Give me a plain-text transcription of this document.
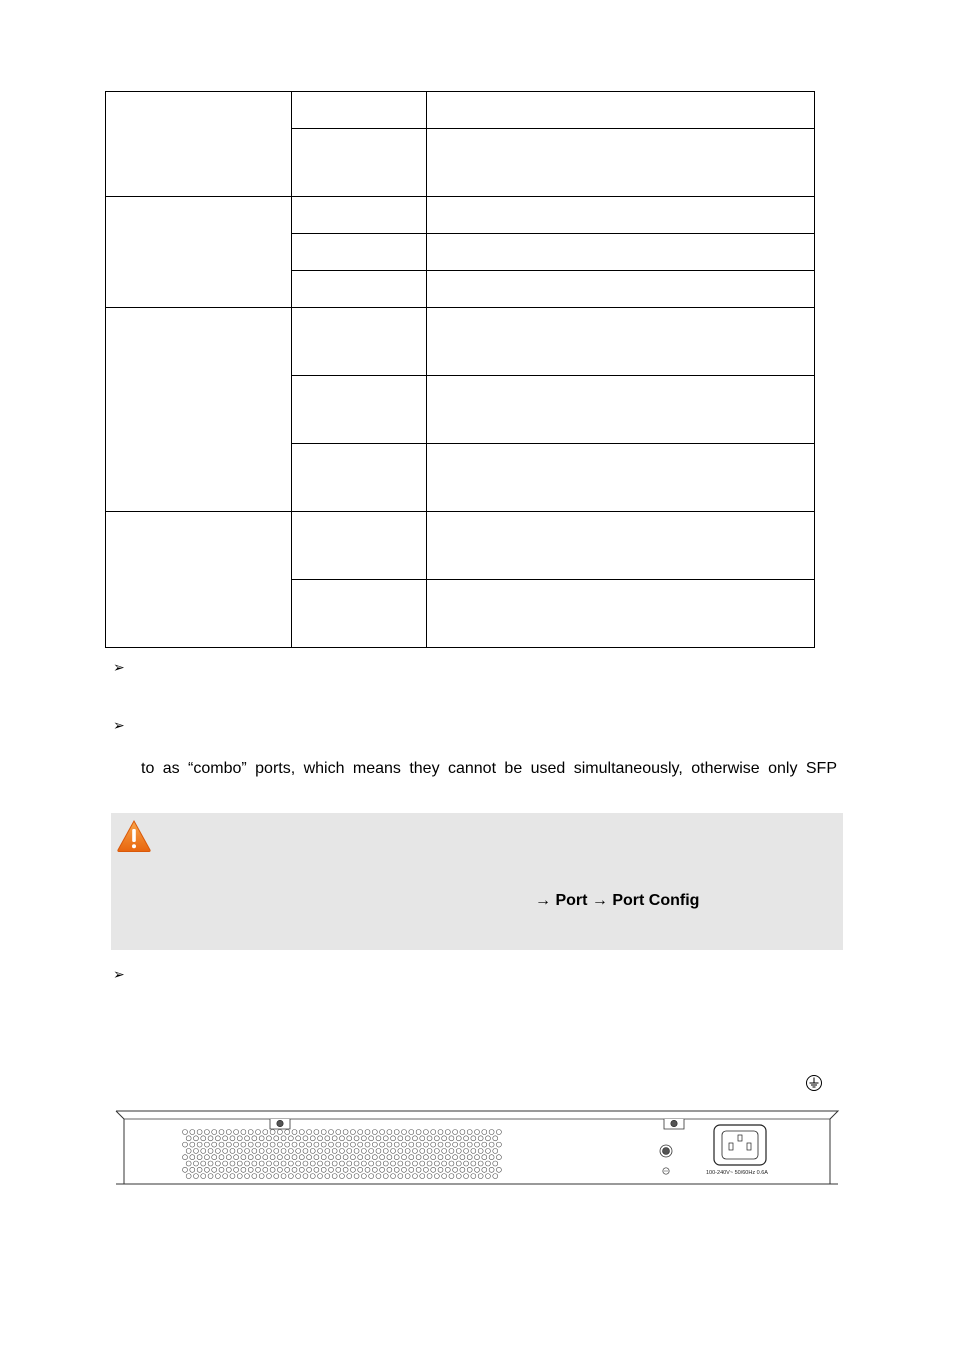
➢
➢
to as “combo” ports, which means they cannot be used simultaneously, otherwise only SFP
→ Port → Port Config
➢
100-240V~ 50/60Hz 0.6A
